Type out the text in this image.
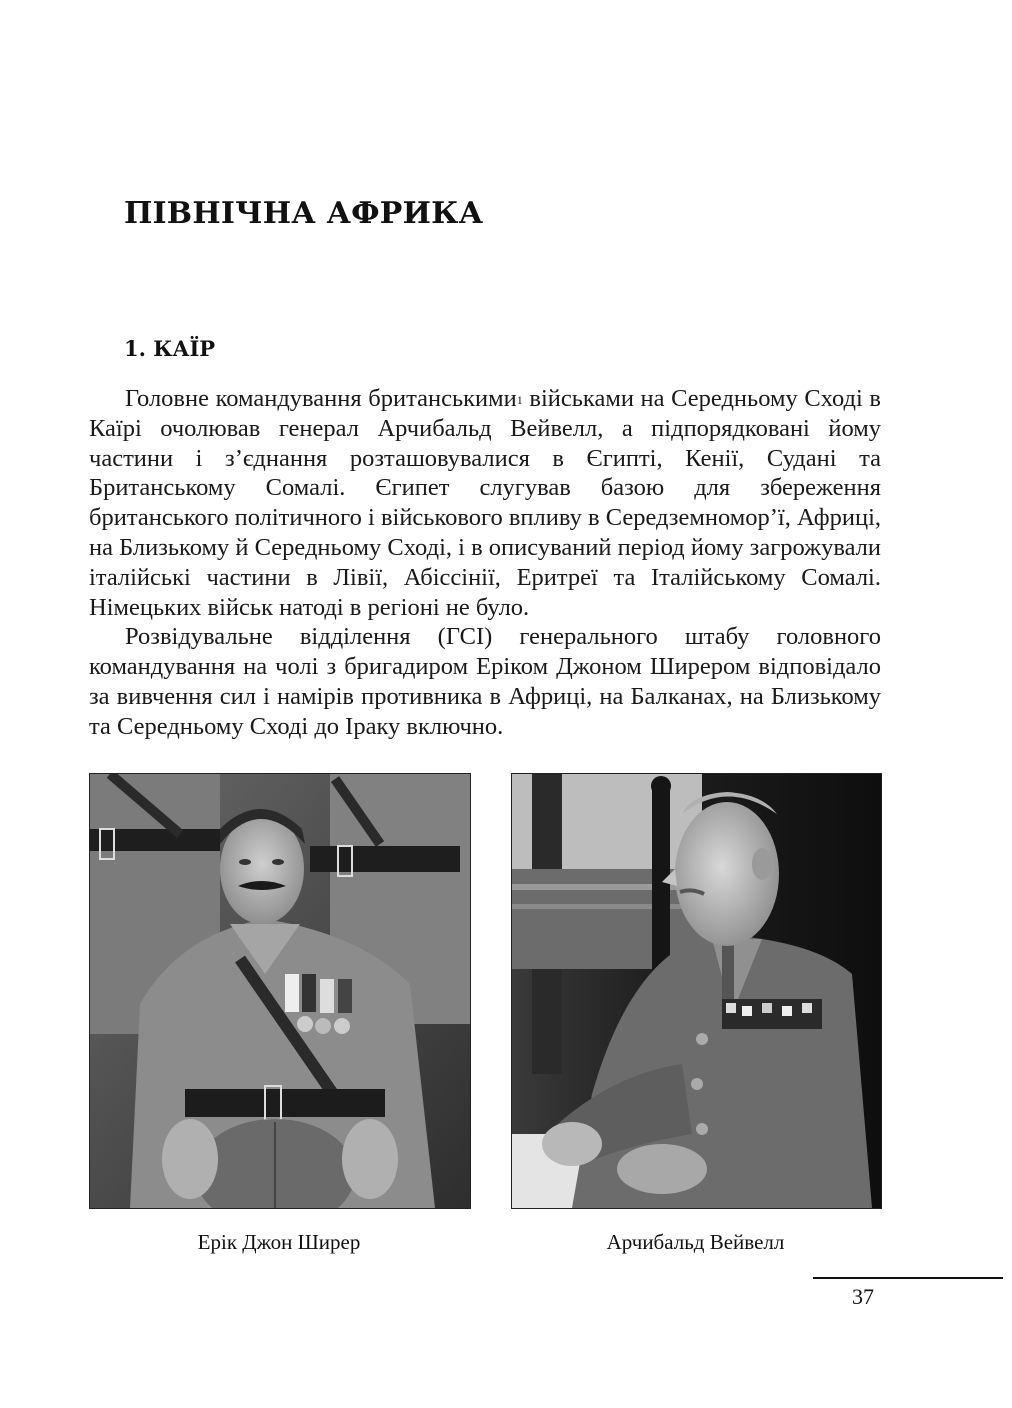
ПІВНІЧНА АФРИКА
1. КАЇР

Головне командування британськими$^1$ військами на Середньому Сході в Каїрі очолював генерал Арчибальд Вейвелл, а підпорядковані йому частини і з’єднання розташовувалися в Єгипті, Кенії, Судані та Британському Сомалі. Єгипет слугував базою для збереження британського політичного і військового впливу в Середземномор’ї, Африці, на Близькому й Середньому Сході, і в описуваний період йому загрожували італійські частини в Лівії, Абіссінії, Еритреї та Італійському Сомалі. Німецьких військ натоді в регіоні не було.

Розвідувальне відділення (ГСІ) генерального штабу головного командування на чолі з бригадиром Еріком Джоном Ширером відповідало за вивчення сил і намірів противника в Африці, на Балканах, на Близькому та Середньому Сході до Іраку включно.

Ерік Джон Ширер	Арчибальд Вейвелл
37
